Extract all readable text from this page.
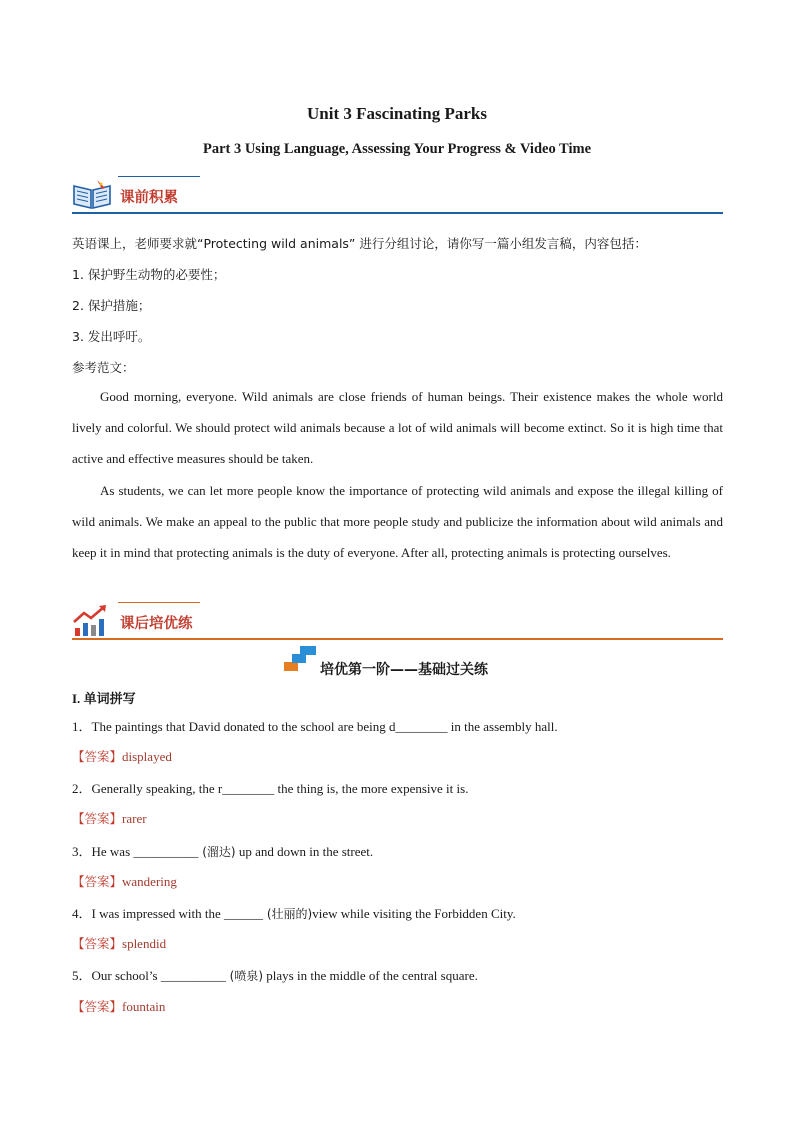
Unit 3 Fascinating Parks
Part 3 Using Language, Assessing Your Progress & Video Time
课前积累
英语课上，老师要求就“Protecting wild animals” 进行分组讨论，请你写一篇小组发言稿，内容包括：
1. 保护野生动物的必要性；
2. 保护措施；
3. 发出呼吁。
参考范文：
Good morning, everyone. Wild animals are close friends of human beings. Their existence makes the whole world lively and colorful. We should protect wild animals because a lot of wild animals will become extinct. So it is high time that active and effective measures should be taken.
As students, we can let more people know the importance of protecting wild animals and expose the illegal killing of wild animals. We make an appeal to the public that more people study and publicize the information about wild animals and keep it in mind that protecting animals is the duty of everyone. After all, protecting animals is protecting ourselves.
课后培优练
培优第一阶——基础过关练
I. 单词拼写
1．The paintings that David donated to the school are being d________ in the assembly hall.
【答案】displayed
2．Generally speaking, the r________ the thing is, the more expensive it is.
【答案】rarer
3．He was __________ (溜达) up and down in the street.
【答案】wandering
4．I was impressed with the ______ (壮丽的)view while visiting the Forbidden City.
【答案】splendid
5．Our school’s __________ (喷泉) plays in the middle of the central square.
【答案】fountain
